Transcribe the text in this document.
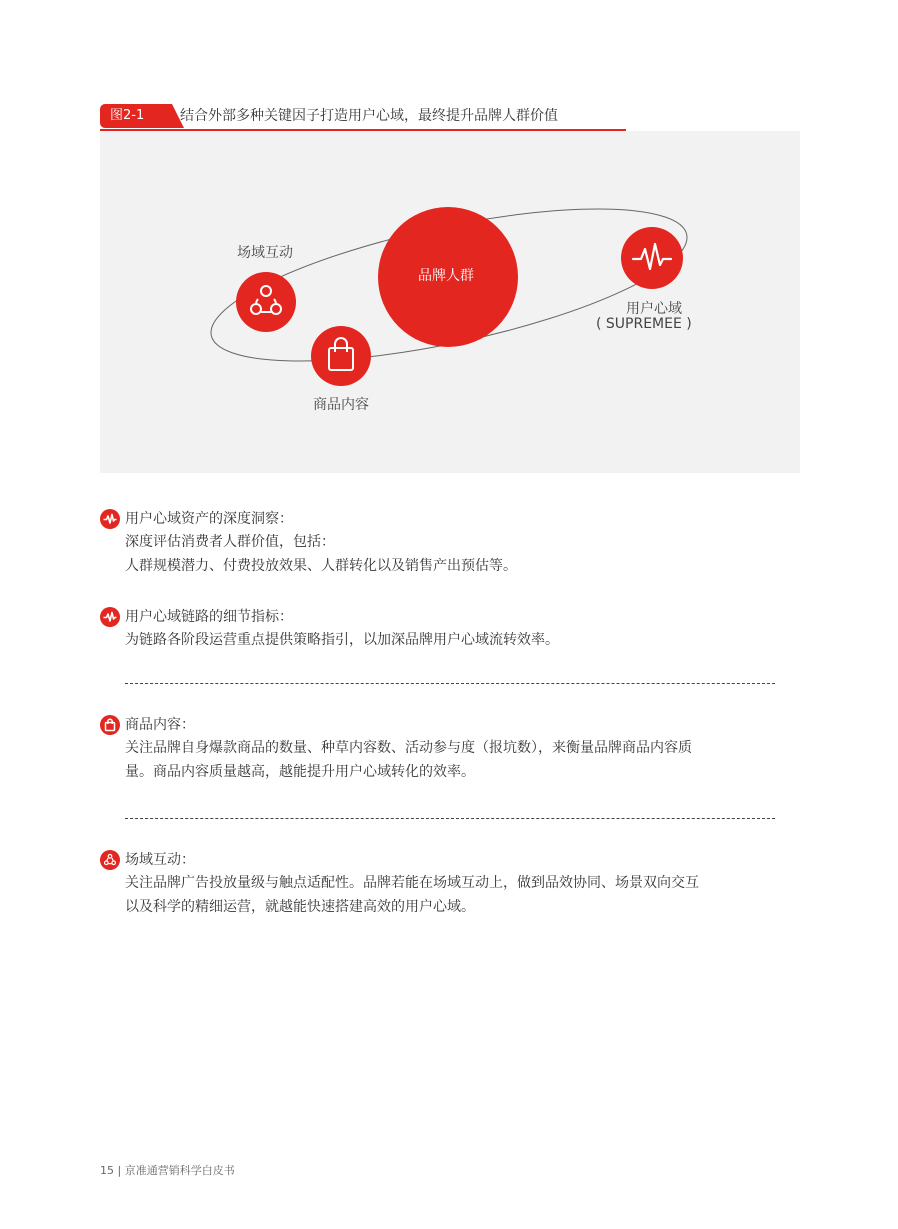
图2-1	结合外部多种关键因子打造用户心域，最终提升品牌人群价值
品牌人群
场域互动
商品内容
用户心域
( SUPREMEE )
用户心域资产的深度洞察：
深度评估消费者人群价值，包括：
人群规模潜力、付费投放效果、人群转化以及销售产出预估等。
用户心域链路的细节指标：
为链路各阶段运营重点提供策略指引，以加深品牌用户心域流转效率。
商品内容：
关注品牌自身爆款商品的数量、种草内容数、活动参与度（报坑数），来衡量品牌商品内容质
量。商品内容质量越高，越能提升用户心域转化的效率。
场域互动：
关注品牌广告投放量级与触点适配性。品牌若能在场域互动上，做到品效协同、场景双向交互
以及科学的精细运营，就越能快速搭建高效的用户心域。
15 | 京准通营销科学白皮书
